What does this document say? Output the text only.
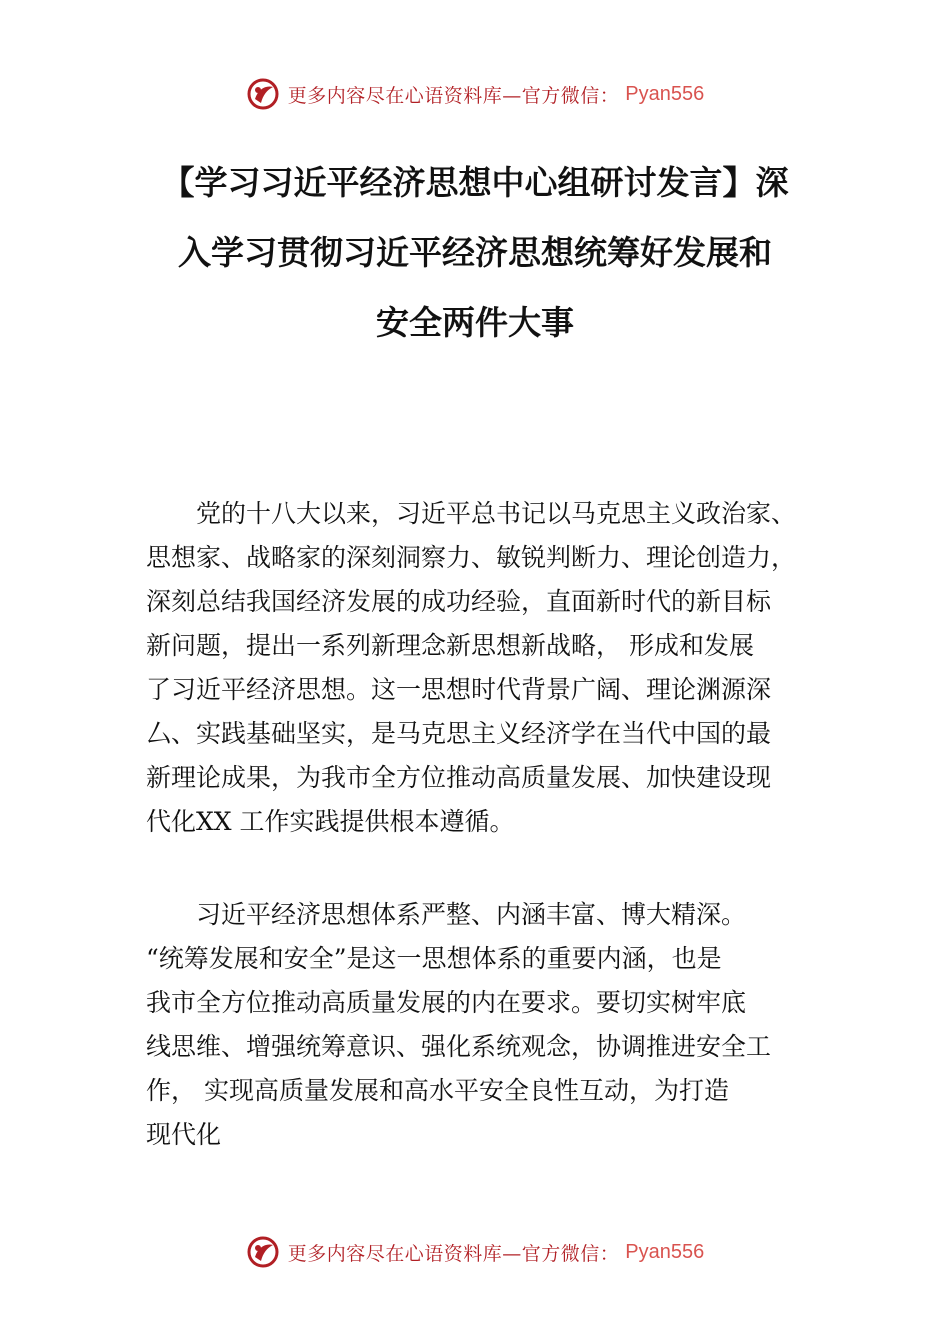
更多内容尽在心语资料库—官方微信： Pyan556
【学习习近平经济思想中心组研讨发言】深
入学习贯彻习近平经济思想统筹好发展和
安全两件大事
　　党的十八大以来，习近平总书记以马克思主义政治家、
思想家、战略家的深刻洞察力、敏锐判断力、理论创造力，
深刻总结我国经济发展的成功经验，直面新时代的新目标
新问题，提出一系列新理念新思想新战略， 形成和发展
了习近平经济思想。这一思想时代背景广阔、理论渊源深
厶、实践基础坚实，是马克思主义经济学在当代中国的最
新理论成果，为我市全方位推动高质量发展、加快建设现
代化XX 工作实践提供根本遵循。
　　习近平经济思想体系严整、内涵丰富、博大精深。
“统筹发展和安全”是这一思想体系的重要内涵，也是
我市全方位推动高质量发展的内在要求。要切实树牢底
线思维、增强统筹意识、强化系统观念，协调推进安全工
作， 实现高质量发展和高水平安全良性互动，为打造
现代化
更多内容尽在心语资料库—官方微信： Pyan556
